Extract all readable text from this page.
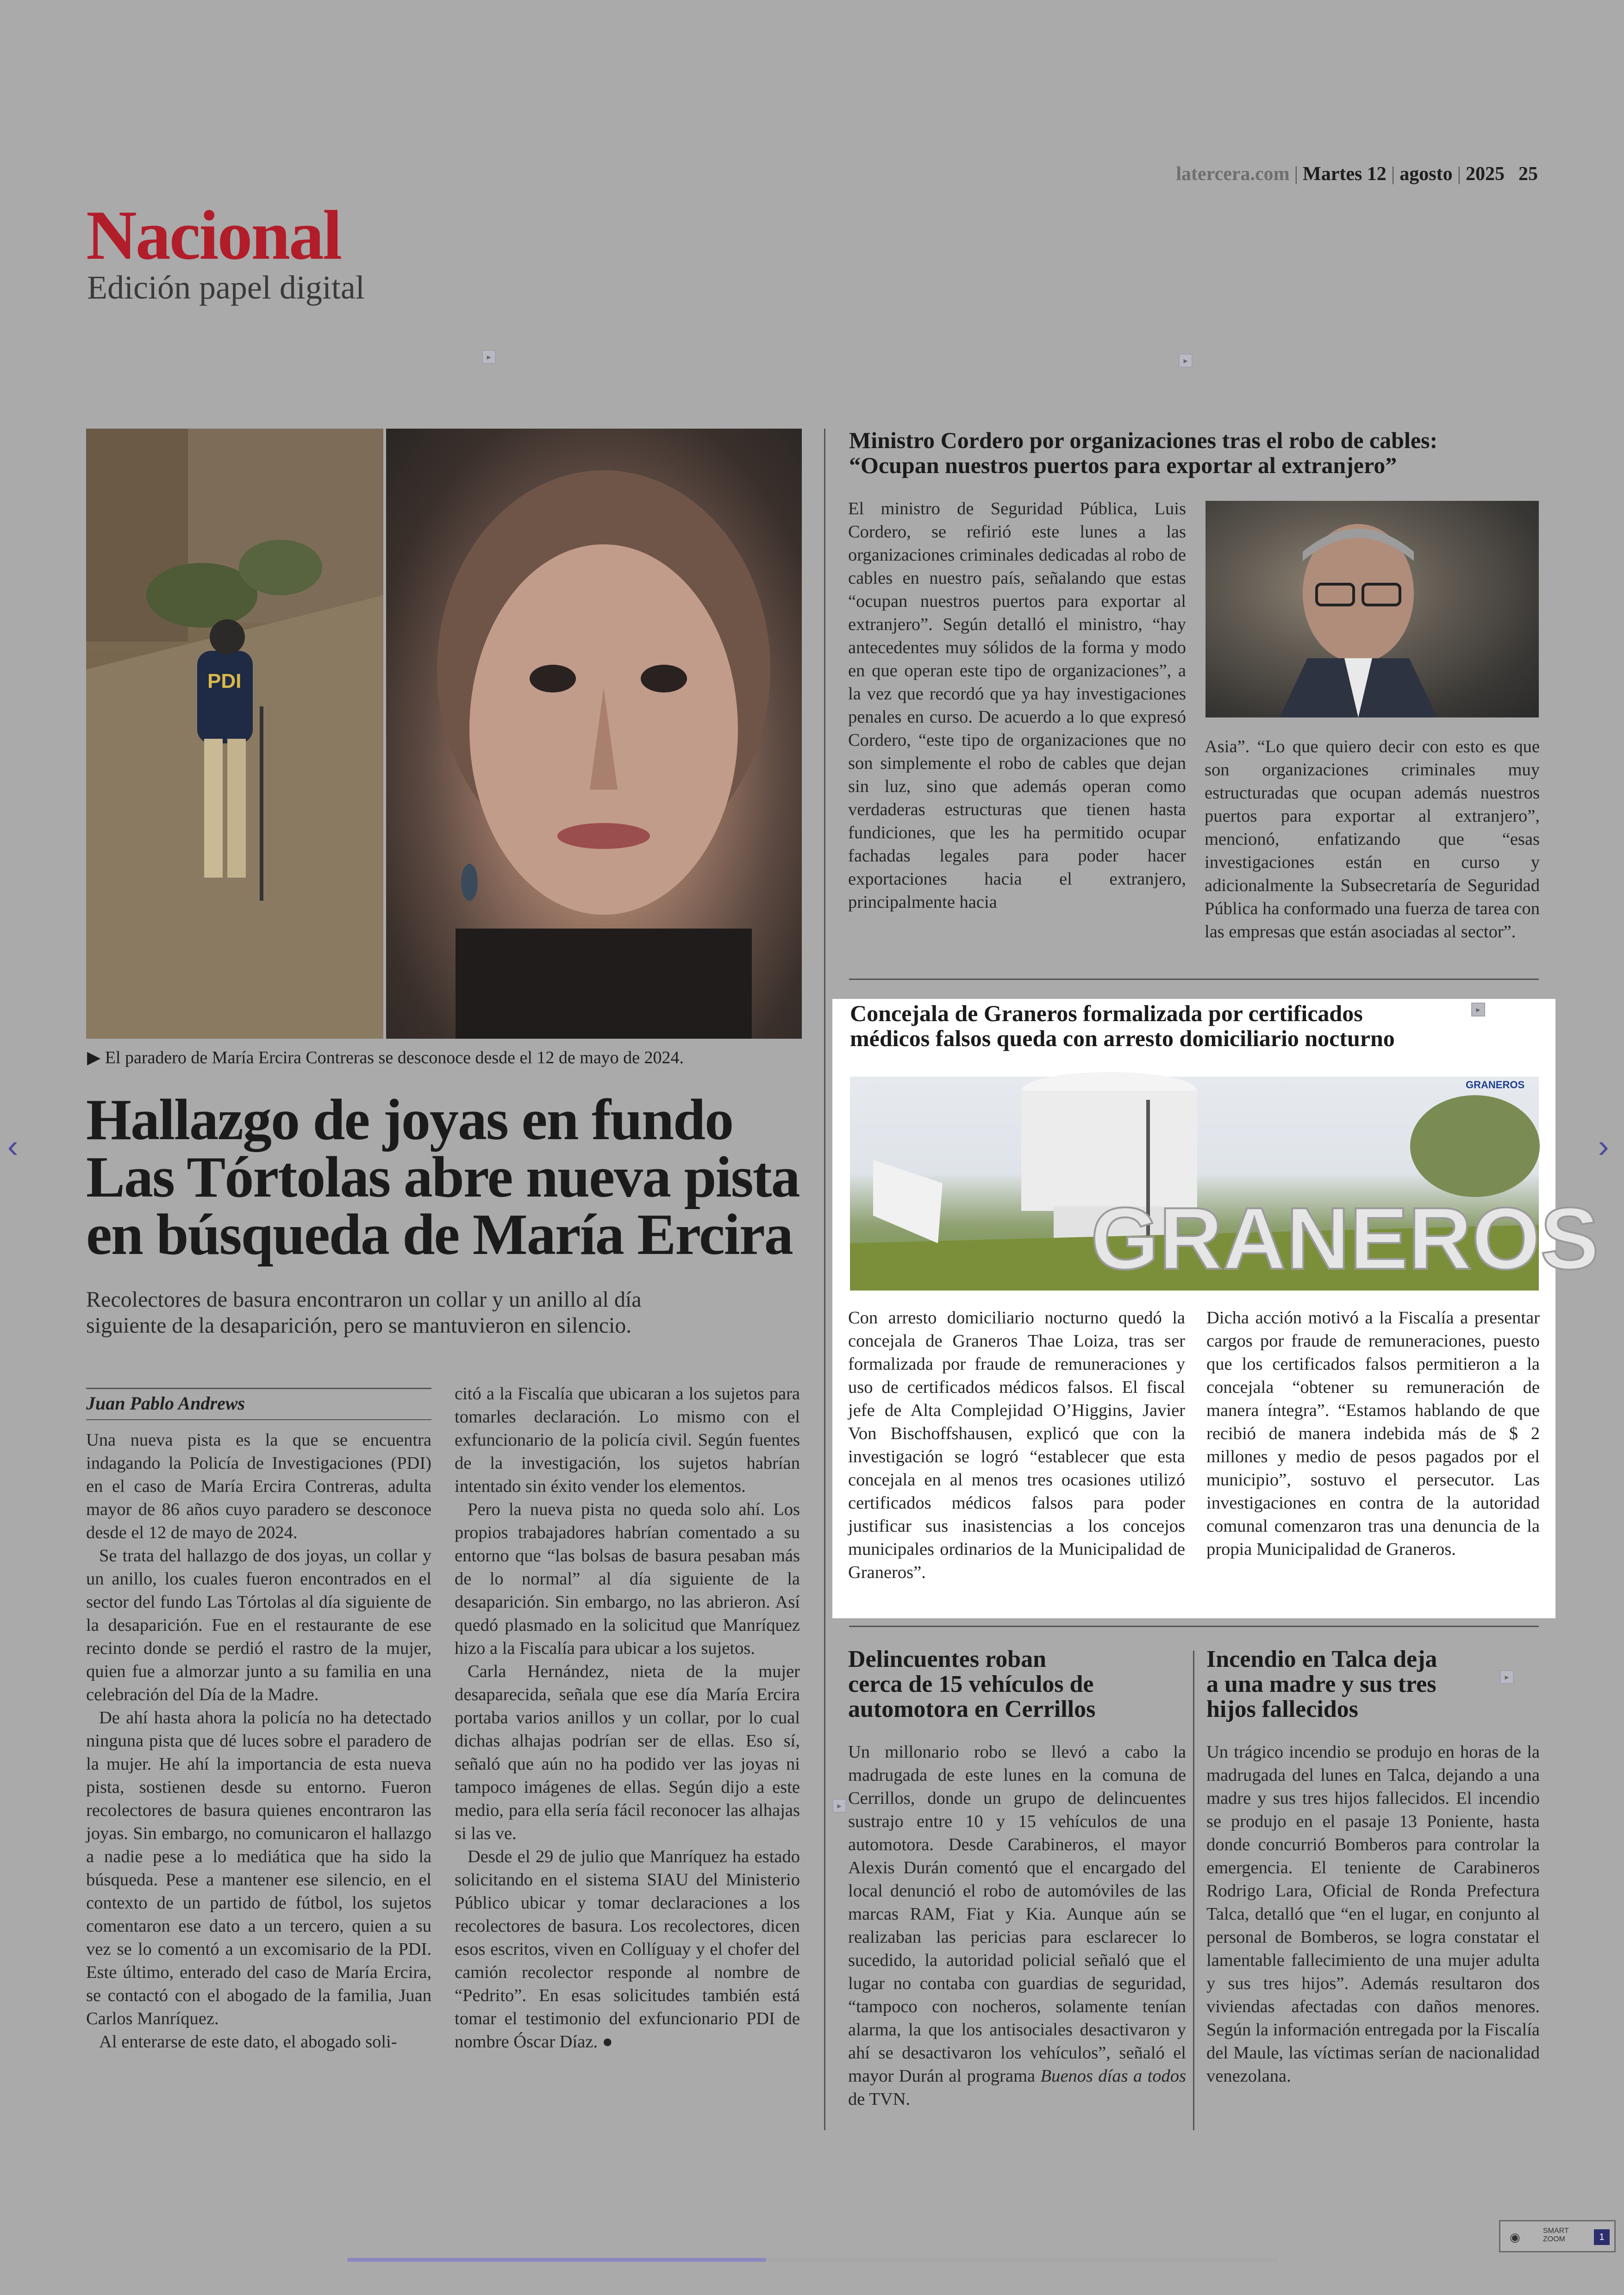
latercera.com | Martes 12 | agosto | 2025 25
Nacional
Edición papel digital
▸	▸
PDI
▶ El paradero de María Ercira Contreras se desconoce desde el 12 de mayo de 2024.
Hallazgo de joyas en fundo
Las Tórtolas abre nueva pista
en búsqueda de María Ercira
Recolectores de basura encontraron un collar y un anillo al día
siguiente de la desaparición, pero se mantuvieron en silencio.
Juan Pablo Andrews

Una nueva pista es la que se encuentra indagando la Policía de Investigaciones (PDI) en el caso de María Ercira Contreras, adulta mayor de 86 años cuyo paradero se desconoce desde el 12 de mayo de 2024.

Se trata del hallazgo de dos joyas, un collar y un anillo, los cuales fueron encontrados en el sector del fundo Las Tórtolas al día siguiente de la desaparición. Fue en el restaurante de ese recinto donde se perdió el rastro de la mujer, quien fue a almorzar junto a su familia en una celebración del Día de la Madre.

De ahí hasta ahora la policía no ha detectado ninguna pista que dé luces sobre el paradero de la mujer. He ahí la importancia de esta nueva pista, sostienen desde su entorno. Fueron recolectores de basura quienes encontraron las joyas. Sin embargo, no comunicaron el hallazgo a nadie pese a lo mediática que ha sido la búsqueda. Pese a mantener ese silencio, en el contexto de un partido de fútbol, los sujetos comentaron ese dato a un tercero, quien a su vez se lo comentó a un excomisario de la PDI. Este último, enterado del caso de María Ercira, se contactó con el abogado de la familia, Juan Carlos Manríquez.

Al enterarse de este dato, el abogado soli-

citó a la Fiscalía que ubicaran a los sujetos para tomarles declaración. Lo mismo con el exfuncionario de la policía civil. Según fuentes de la investigación, los sujetos habrían intentado sin éxito vender los elementos.

Pero la nueva pista no queda solo ahí. Los propios trabajadores habrían comentado a su entorno que “las bolsas de basura pesaban más de lo normal” al día siguiente de la desaparición. Sin embargo, no las abrieron. Así quedó plasmado en la solicitud que Manríquez hizo a la Fiscalía para ubicar a los sujetos.

Carla Hernández, nieta de la mujer desaparecida, señala que ese día María Ercira portaba varios anillos y un collar, por lo cual dichas alhajas podrían ser de ellas. Eso sí, señaló que aún no ha podido ver las joyas ni tampoco imágenes de ellas. Según dijo a este medio, para ella sería fácil reconocer las alhajas si las ve.

Desde el 29 de julio que Manríquez ha estado solicitando en el sistema SIAU del Ministerio Público ubicar y tomar declaraciones a los recolectores de basura. Los recolectores, dicen esos escritos, viven en Collíguay y el chofer del camión recolector responde al nombre de “Pedrito”. En esas solicitudes también está tomar el testimonio del exfuncionario PDI de nombre Óscar Díaz. ●

Ministro Cordero por organizaciones tras el robo de cables:
“Ocupan nuestros puertos para exportar al extranjero”

El ministro de Seguridad Pública, Luis Cordero, se refirió este lunes a las organizaciones criminales dedicadas al robo de cables en nuestro país, señalando que estas “ocupan nuestros puertos para exportar al extranjero”. Según detalló el ministro, “hay antecedentes muy sólidos de la forma y modo en que operan este tipo de organizaciones”, a la vez que recordó que ya hay investigaciones penales en curso. De acuerdo a lo que expresó Cordero, “este tipo de organizaciones que no son simplemente el robo de cables que dejan sin luz, sino que además operan como verdaderas estructuras que tienen hasta fundiciones, que les ha permitido ocupar fachadas legales para poder hacer exportaciones hacia el extranjero, principalmente hacia

Asia”. “Lo que quiero decir con esto es que son organizaciones criminales muy estructuradas que ocupan además nuestros puertos para exportar al extranjero”, mencionó, enfatizando que “esas investigaciones están en curso y adicionalmente la Subsecretaría de Seguridad Pública ha conformado una fuerza de tarea con las empresas que están asociadas al sector”.

Concejala de Graneros formalizada por certificados
médicos falsos queda con arresto domiciliario nocturno
▸
GRANEROS
GRANEROS

Con arresto domiciliario nocturno quedó la concejala de Graneros Thae Loiza, tras ser formalizada por fraude de remuneraciones y uso de certificados médicos falsos. El fiscal jefe de Alta Complejidad O’Higgins, Javier Von Bischoffshausen, explicó que con la investigación se logró “establecer que esta concejala en al menos tres ocasiones utilizó certificados médicos falsos para poder justificar sus inasistencias a los concejos municipales ordinarios de la Municipalidad de Graneros”.

Dicha acción motivó a la Fiscalía a presentar cargos por fraude de remuneraciones, puesto que los certificados falsos permitieron a la concejala “obtener su remuneración de manera íntegra”. “Estamos hablando de que recibió de manera indebida más de $ 2 millones y medio de pesos pagados por el municipio”, sostuvo el persecutor. Las investigaciones en contra de la autoridad comunal comenzaron tras una denuncia de la propia Municipalidad de Graneros.

Delincuentes roban
cerca de 15 vehículos de
automotora en Cerrillos
▸

Un millonario robo se llevó a cabo la madrugada de este lunes en la comuna de Cerrillos, donde un grupo de delincuentes sustrajo entre 10 y 15 vehículos de una automotora. Desde Carabineros, el mayor Alexis Durán comentó que el encargado del local denunció el robo de automóviles de las marcas RAM, Fiat y Kia. Aunque aún se realizaban las pericias para esclarecer lo sucedido, la autoridad policial señaló que el lugar no contaba con guardias de seguridad, “tampoco con nocheros, solamente tenían alarma, la que los antisociales desactivaron y ahí se desactivaron los vehículos”, señaló el mayor Durán al programa Buenos días a todos de TVN.

Incendio en Talca deja
a una madre y sus tres
hijos fallecidos
▸

Un trágico incendio se produjo en horas de la madrugada del lunes en Talca, dejando a una madre y sus tres hijos fallecidos. El incendio se produjo en el pasaje 13 Poniente, hasta donde concurrió Bomberos para controlar la emergencia. El teniente de Carabineros Rodrigo Lara, Oficial de Ronda Prefectura Talca, detalló que “en el lugar, en conjunto al personal de Bomberos, se logra constatar el lamentable fallecimiento de una mujer adulta y sus tres hijos”. Además resultaron dos viviendas afectadas con daños menores. Según la información entregada por la Fiscalía del Maule, las víctimas serían de nacionalidad venezolana.

‹	›
◉	SMART
ZOOM	1
